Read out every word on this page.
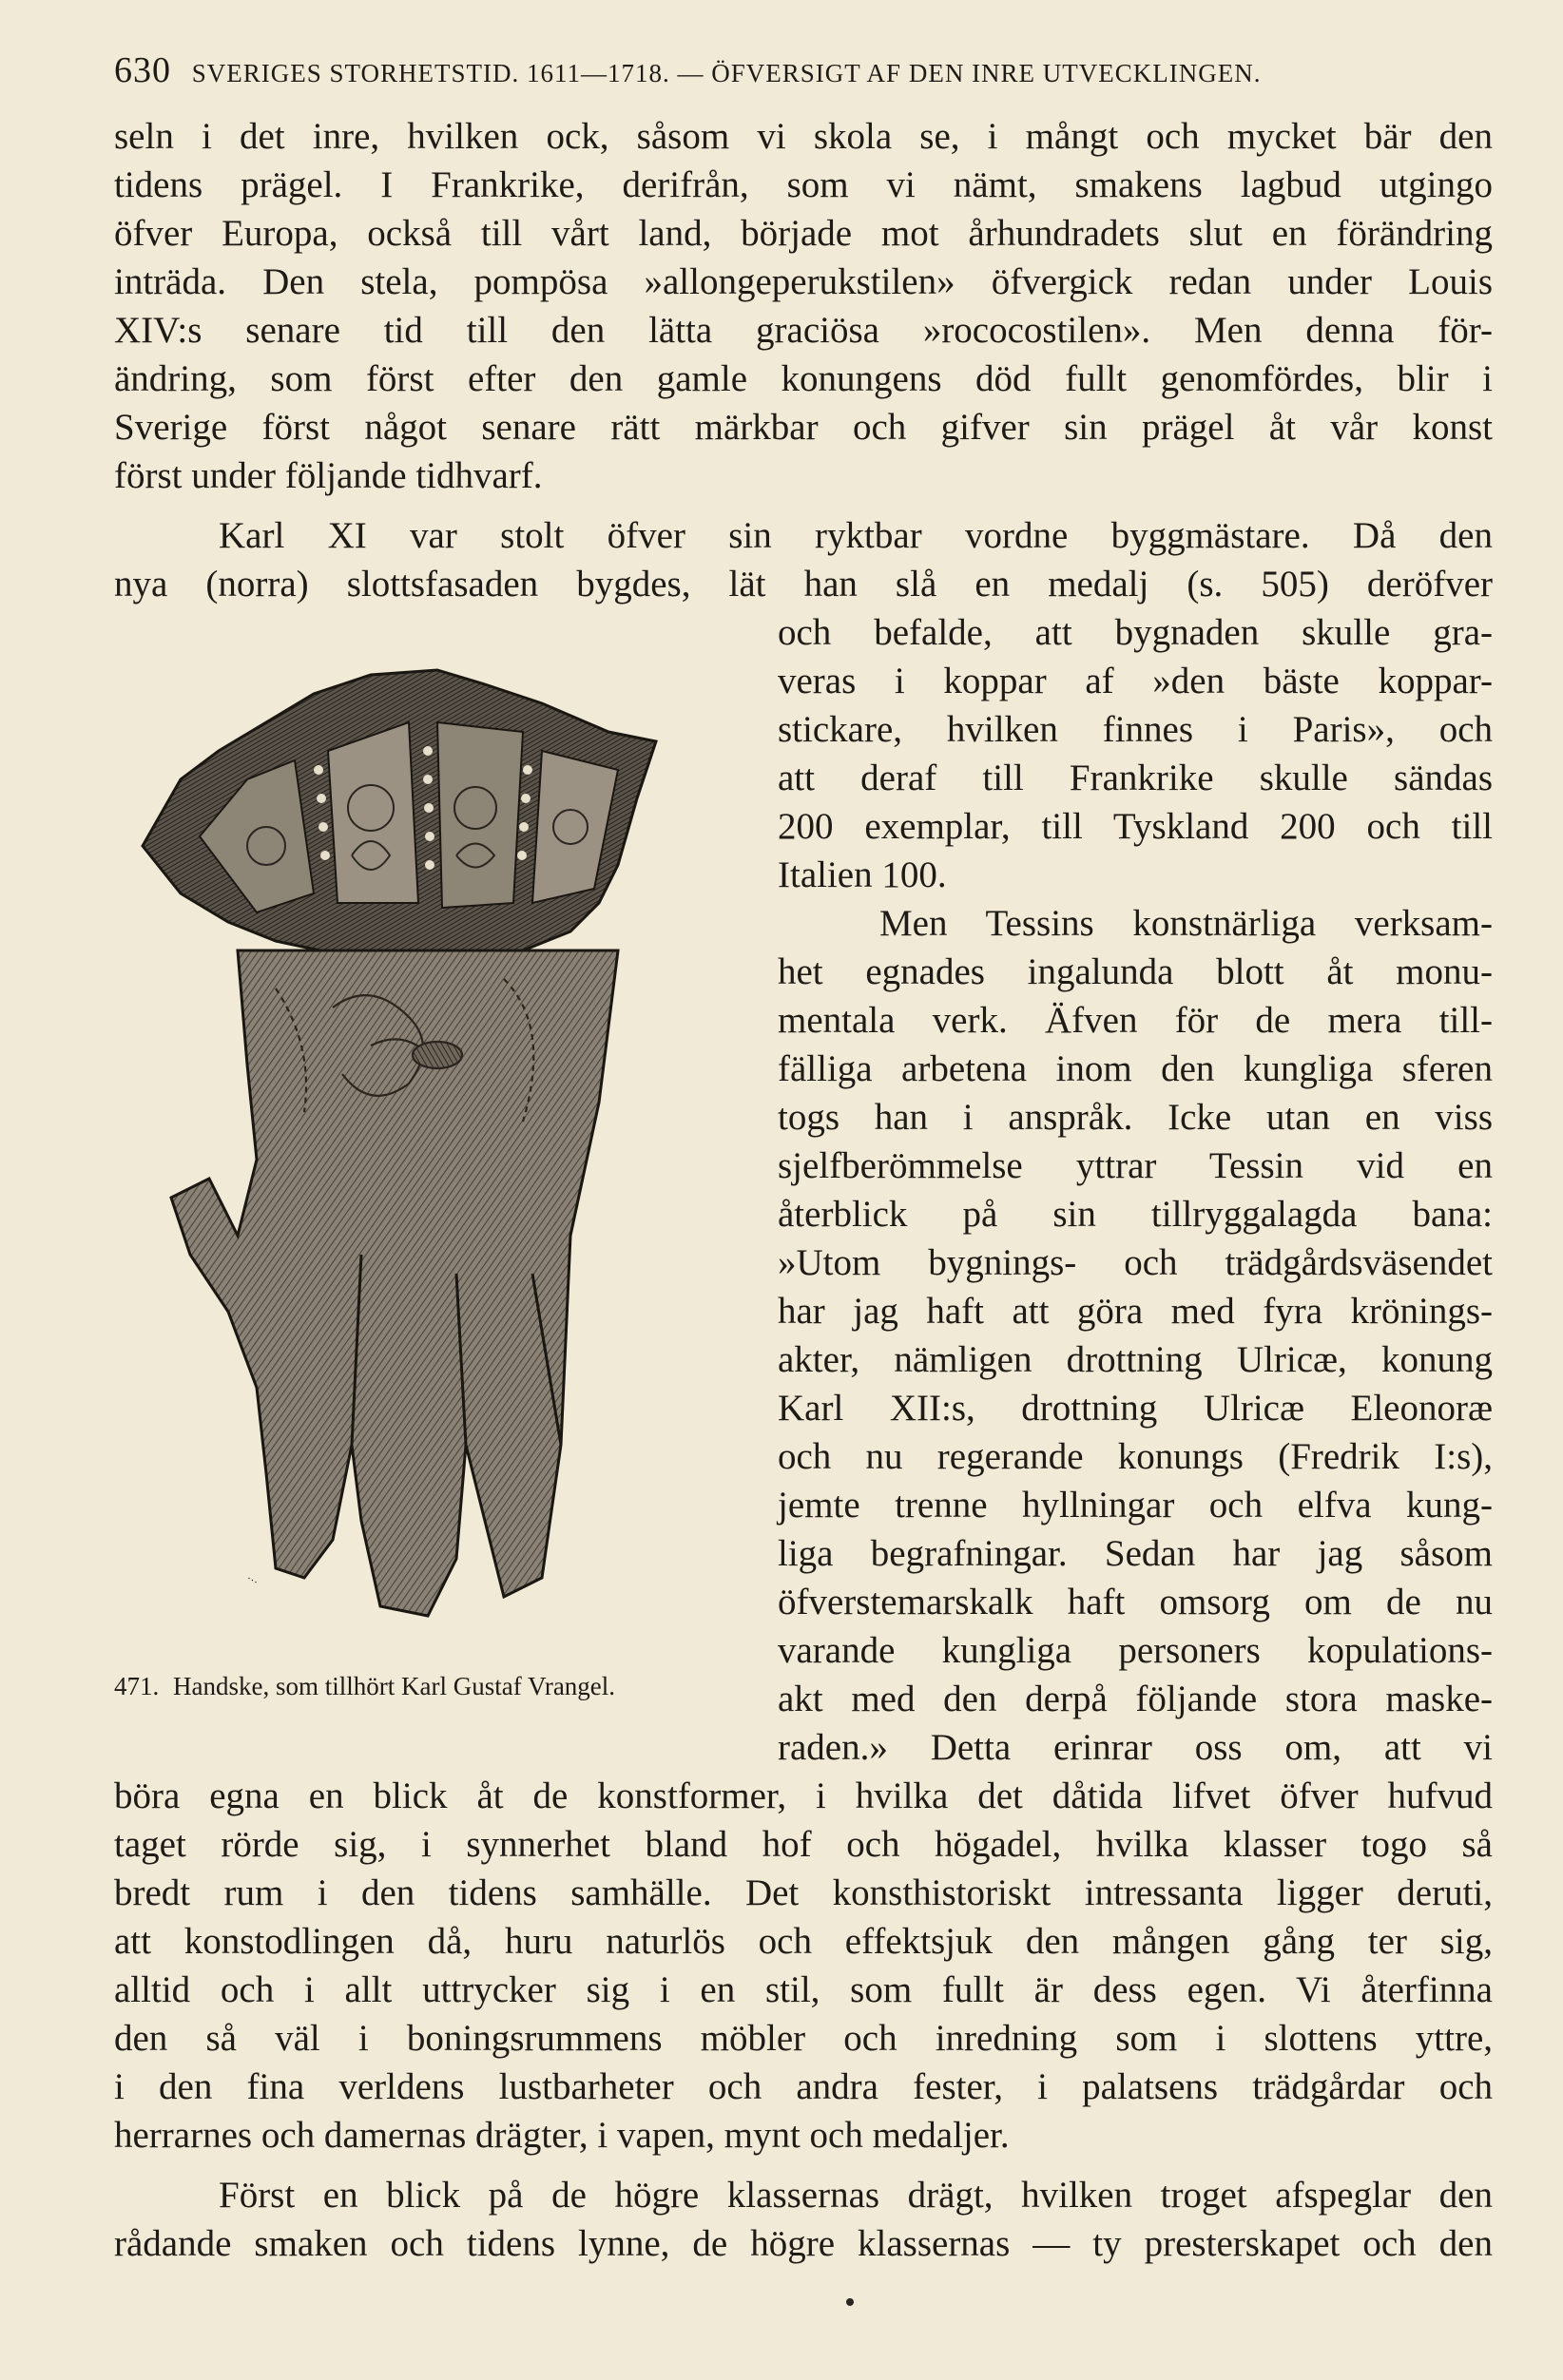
630 SVERIGES STORHETSTID. 1611—1718. — ÖFVERSIGT AF DEN INRE UTVECKLINGEN.
seln i det inre, hvilken ock, såsom vi skola se, i mångt och mycket bär den
tidens prägel. I Frankrike, derifrån, som vi nämt, smakens lagbud utgingo
öfver Europa, också till vårt land, började mot århundradets slut en förändring
inträda. Den stela, pompösa »allongeperukstilen» öfvergick redan under Louis
XIV:s senare tid till den lätta graciösa »rococostilen». Men denna för-
ändring, som först efter den gamle konungens död fullt genomfördes, blir i
Sverige först något senare rätt märkbar och gifver sin prägel åt vår konst
först under följande tidhvarf.
Karl XI var stolt öfver sin ryktbar vordne byggmästare. Då den
nya (norra) slottsfasaden bygdes, lät han slå en medalj (s. 505) deröfver
och befalde, att bygnaden skulle gra-
veras i koppar af »den bäste koppar-
stickare, hvilken finnes i Paris», och
att deraf till Frankrike skulle sändas
200 exemplar, till Tyskland 200 och till
Italien 100.
Men Tessins konstnärliga verksam-
het egnades ingalunda blott åt monu-
mentala verk. Äfven för de mera till-
fälliga arbetena inom den kungliga sferen
togs han i anspråk. Icke utan en viss
sjelfberömmelse yttrar Tessin vid en
återblick på sin tillryggalagda bana:
»Utom bygnings- och trädgårdsväsendet
har jag haft att göra med fyra krönings-
akter, nämligen drottning Ulricæ, konung
Karl XII:s, drottning Ulricæ Eleonoræ
och nu regerande konungs (Fredrik I:s),
jemte trenne hyllningar och elfva kung-
liga begrafningar. Sedan har jag såsom
öfverstemarskalk haft omsorg om de nu
varande kungliga personers kopulations-
akt med den derpå följande stora maske-
raden.» Detta erinrar oss om, att vi
böra egna en blick åt de konstformer, i hvilka det dåtida lifvet öfver hufvud
taget rörde sig, i synnerhet bland hof och högadel, hvilka klasser togo så
bredt rum i den tidens samhälle. Det konsthistoriskt intressanta ligger deruti,
att konstodlingen då, huru naturlös och effektsjuk den mången gång ter sig,
alltid och i allt uttrycker sig i en stil, som fullt är dess egen. Vi återfinna
den så väl i boningsrummens möbler och inredning som i slottens yttre,
i den fina verldens lustbarheter och andra fester, i palatsens trädgårdar och
herrarnes och damernas drägter, i vapen, mynt och medaljer.
Först en blick på de högre klassernas drägt, hvilken troget afspeglar den
rådande smaken och tidens lynne, de högre klassernas — ty presterskapet och den
…
471. Handske, som tillhört Karl Gustaf Vrangel.
